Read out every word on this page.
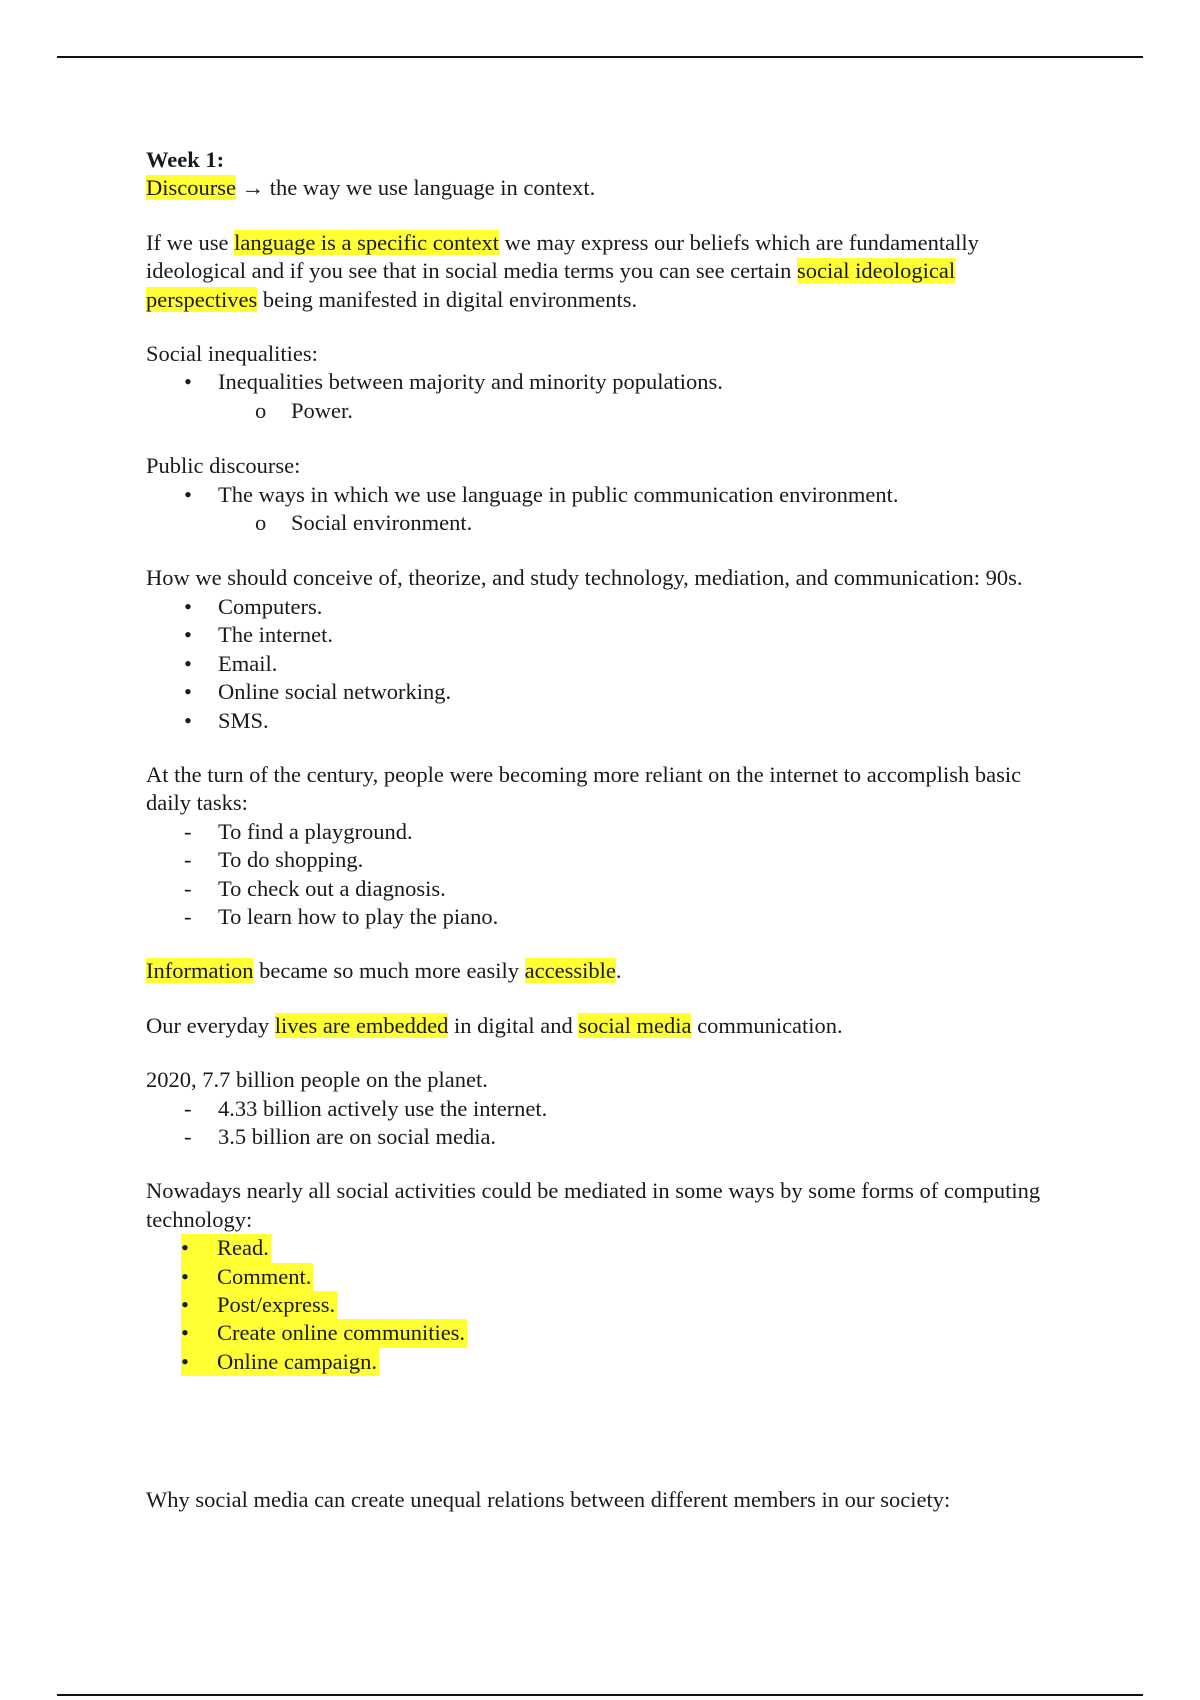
Week 1:

Discourse → the way we use language in context.

If we use language is a specific context we may express our beliefs which are fundamentally ideological and if you see that in social media terms you can see certain social ideological perspectives being manifested in digital environments.

Social inequalities:

•	Inequalities between majority and minority populations.
o	Power.

Public discourse:

•	The ways in which we use language in public communication environment.
o	Social environment.

How we should conceive of, theorize, and study technology, mediation, and communication: 90s.

•	Computers.
•	The internet.
•	Email.
•	Online social networking.
•	SMS.

At the turn of the century, people were becoming more reliant on the internet to accomplish basic daily tasks:

-	To find a playground.
-	To do shopping.
-	To check out a diagnosis.
-	To learn how to play the piano.

Information became so much more easily accessible.

Our everyday lives are embedded in digital and social media communication.

2020, 7.7 billion people on the planet.

-	4.33 billion actively use the internet.
-	3.5 billion are on social media.

Nowadays nearly all social activities could be mediated in some ways by some forms of computing technology:

• Read.
• Comment.
• Post/express.
• Create online communities.
• Online campaign.

Why social media can create unequal relations between different members in our society:
